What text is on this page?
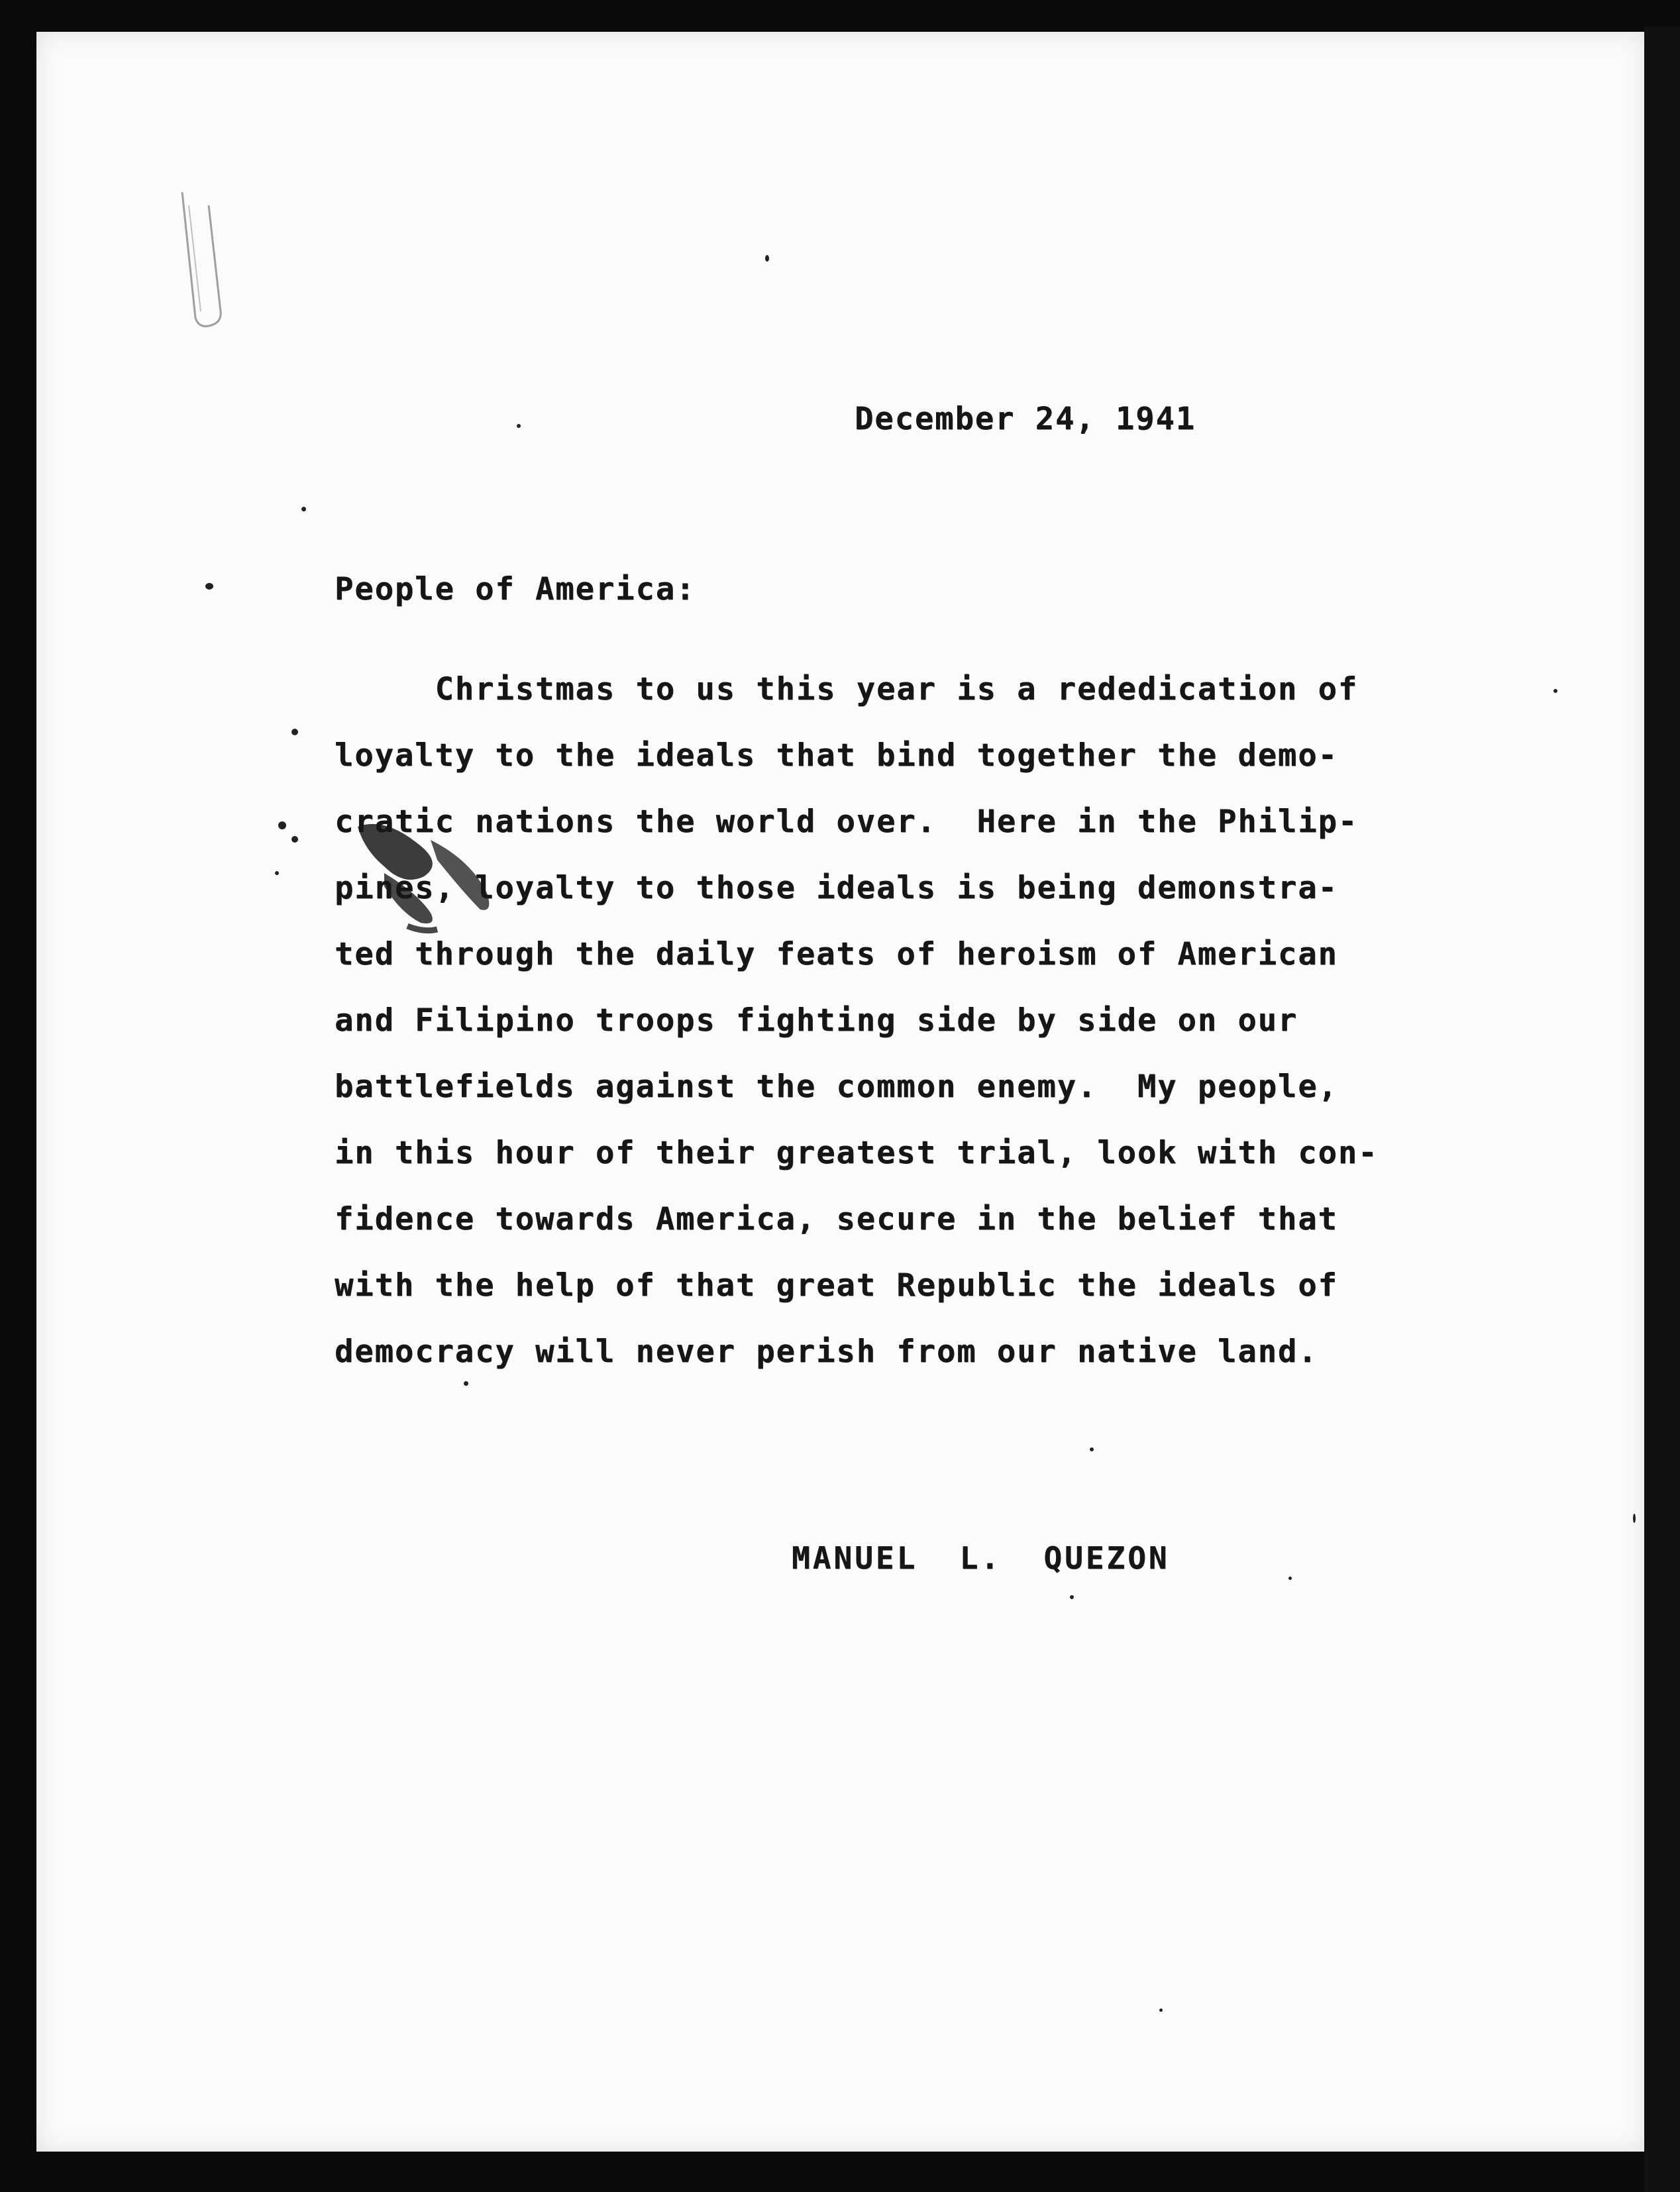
December 24, 1941
People of America:
Christmas to us this year is a rededication of
loyalty to the ideals that bind together the demo-
cratic nations the world over.  Here in the Philip-
pines, loyalty to those ideals is being demonstra-
ted through the daily feats of heroism of American
and Filipino troops fighting side by side on our
battlefields against the common enemy.  My people,
in this hour of their greatest trial, look with con-
fidence towards America, secure in the belief that
with the help of that great Republic the ideals of
democracy will never perish from our native land.
MANUEL  L.  QUEZON
